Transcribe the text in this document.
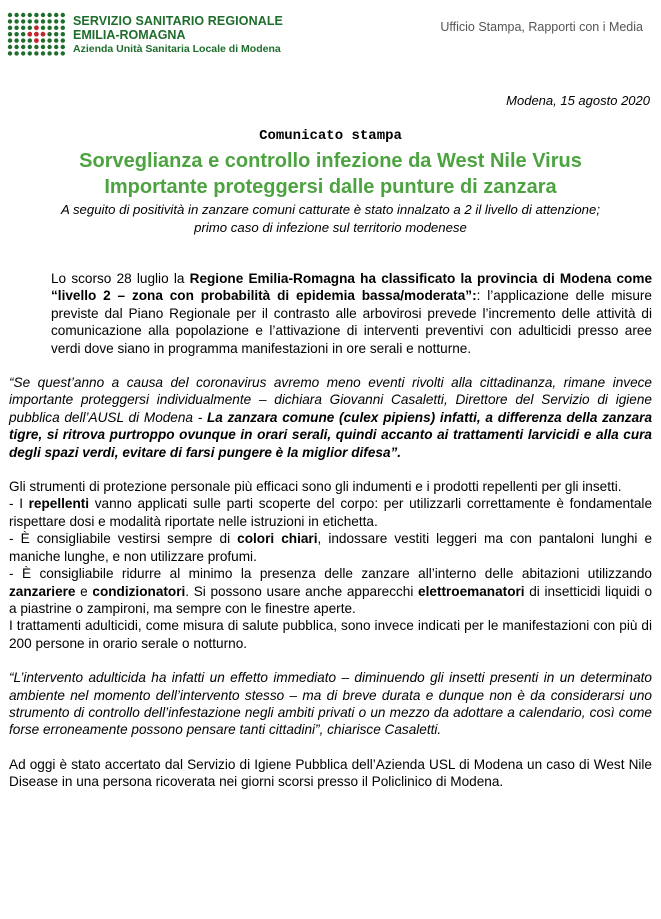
SERVIZIO SANITARIO REGIONALE
EMILIA-ROMAGNA
Azienda Unità Sanitaria Locale di Modena
Ufficio Stampa, Rapporti con i Media
Modena, 15 agosto 2020
Comunicato stampa
Sorveglianza e controllo infezione da West Nile Virus
Importante proteggersi dalle punture di zanzara
A seguito di positività in zanzare comuni catturate è stato innalzato a 2 il livello di attenzione;
primo caso di infezione sul territorio modenese

Lo scorso 28 luglio la Regione Emilia-Romagna ha classificato la provincia di Modena come “livello 2 – zona con probabilità di epidemia bassa/moderata”:: l’applicazione delle misure previste dal Piano Regionale per il contrasto alle arbovirosi prevede l’incremento delle attività di comunicazione alla popolazione e l’attivazione di interventi preventivi con adulticidi presso aree verdi dove siano in programma manifestazioni in ore serali e notturne.

“Se quest’anno a causa del coronavirus avremo meno eventi rivolti alla cittadinanza, rimane invece importante proteggersi individualmente – dichiara Giovanni Casaletti, Direttore del Servizio di igiene pubblica dell’AUSL di Modena - La zanzara comune (culex pipiens) infatti, a differenza della zanzara tigre, si ritrova purtroppo ovunque in orari serali, quindi accanto ai trattamenti larvicidi e alla cura degli spazi verdi, evitare di farsi pungere è la miglior difesa”.

Gli strumenti di protezione personale più efficaci sono gli indumenti e i prodotti repellenti per gli insetti.

- I repellenti vanno applicati sulle parti scoperte del corpo: per utilizzarli correttamente è fondamentale rispettare dosi e modalità riportate nelle istruzioni in etichetta.

- È consigliabile vestirsi sempre di colori chiari, indossare vestiti leggeri ma con pantaloni lunghi e maniche lunghe, e non utilizzare profumi.

- È consigliabile ridurre al minimo la presenza delle zanzare all’interno delle abitazioni utilizzando zanzariere e condizionatori. Si possono usare anche apparecchi elettroemanatori di insetticidi liquidi o a piastrine o zampironi, ma sempre con le finestre aperte.

I trattamenti adulticidi, come misura di salute pubblica, sono invece indicati per le manifestazioni con più di 200 persone in orario serale o notturno.

“L’intervento adulticida ha infatti un effetto immediato – diminuendo gli insetti presenti in un determinato ambiente nel momento dell’intervento stesso – ma di breve durata e dunque non è da considerarsi uno strumento di controllo dell’infestazione negli ambiti privati o un mezzo da adottare a calendario, così come forse erroneamente possono pensare tanti cittadini”, chiarisce Casaletti.

Ad oggi è stato accertato dal Servizio di Igiene Pubblica dell’Azienda USL di Modena un caso di West Nile Disease in una persona ricoverata nei giorni scorsi presso il Policlinico di Modena.
